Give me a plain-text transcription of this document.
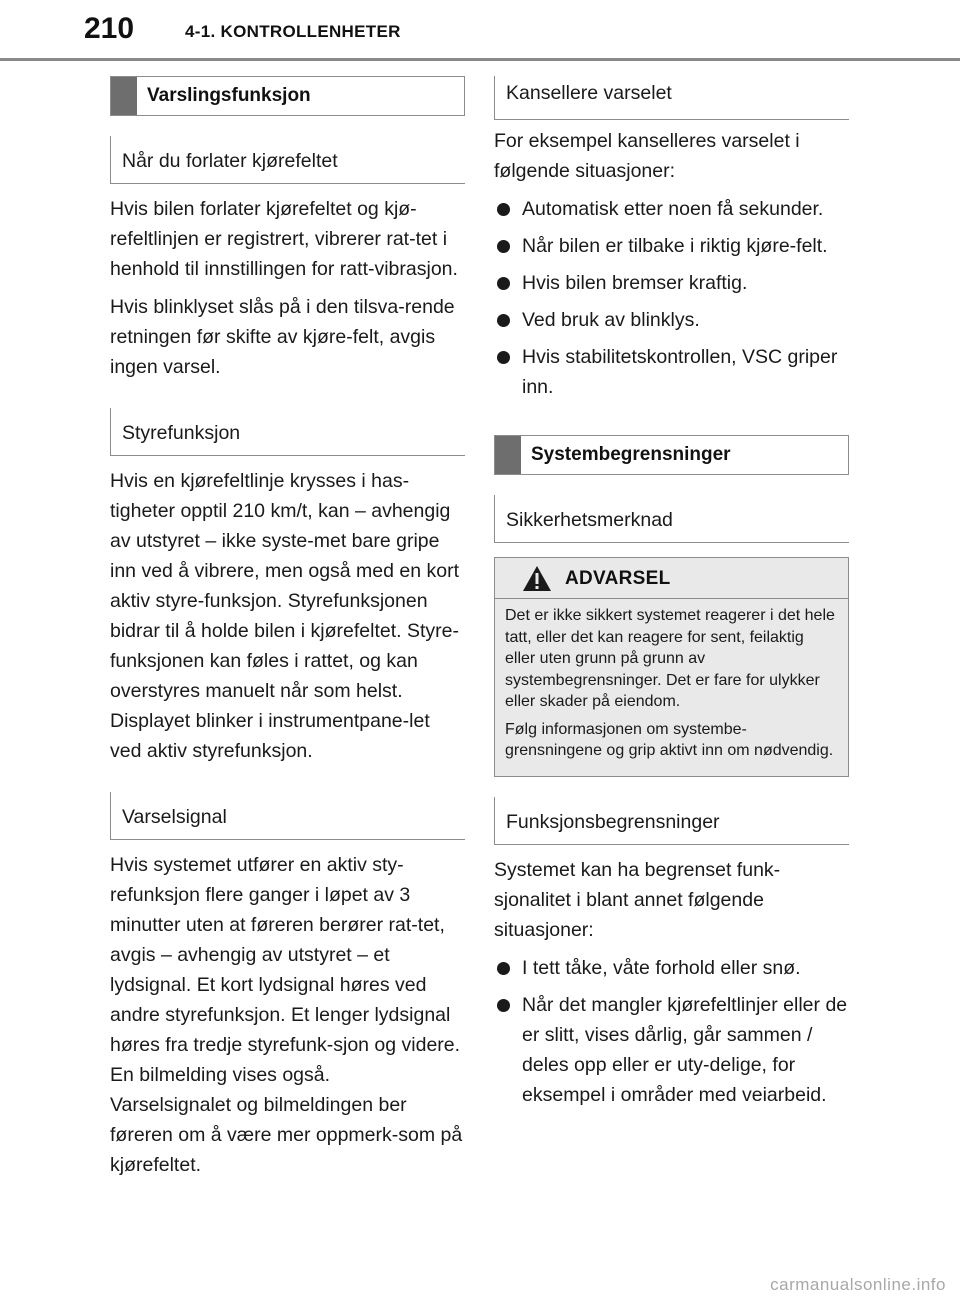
210	4-1. KONTROLLENHETER
Varslingsfunksjon
Når du forlater kjørefeltet

Hvis bilen forlater kjørefeltet og kjø-refeltlinjen er registrert, vibrerer rat-tet i henhold til innstillingen for ratt-vibrasjon.

Hvis blinklyset slås på i den tilsva-rende retningen før skifte av kjøre-felt, avgis ingen varsel.

Styrefunksjon

Hvis en kjørefeltlinje krysses i has-tigheter opptil 210 km/t, kan – avhengig av utstyret – ikke syste-met bare gripe inn ved å vibrere, men også med en kort aktiv styre-funksjon. Styrefunksjonen bidrar til å holde bilen i kjørefeltet. Styre-funksjonen kan føles i rattet, og kan overstyres manuelt når som helst. Displayet blinker i instrumentpane-let ved aktiv styrefunksjon.

Varselsignal

Hvis systemet utfører en aktiv sty-refunksjon flere ganger i løpet av 3 minutter uten at føreren berører rat-tet, avgis – avhengig av utstyret – et lydsignal. Et kort lydsignal høres ved andre styrefunksjon. Et lenger lydsignal høres fra tredje styrefunk-sjon og videre.

En bilmelding vises også.

Varselsignalet og bilmeldingen ber føreren om å være mer oppmerk-som på kjørefeltet.

Kansellere varselet

For eksempel kanselleres varselet i følgende situasjoner:

Automatisk etter noen få sekunder.
Når bilen er tilbake i riktig kjøre-felt.
Hvis bilen bremser kraftig.
Ved bruk av blinklys.
Hvis stabilitetskontrollen, VSC griper inn.
Systembegrensninger
Sikkerhetsmerknad
ADVARSEL

Det er ikke sikkert systemet reagerer i det hele tatt, eller det kan reagere for sent, feilaktig eller uten grunn på grunn av systembegrensninger. Det er fare for ulykker eller skader på eiendom.

Følg informasjonen om systembe-grensningene og grip aktivt inn om nødvendig.

Funksjonsbegrensninger

Systemet kan ha begrenset funk-sjonalitet i blant annet følgende situasjoner:

I tett tåke, våte forhold eller snø.
Når det mangler kjørefeltlinjer eller de er slitt, vises dårlig, går sammen / deles opp eller er uty-delige, for eksempel i områder med veiarbeid.
carmanualsonline.info
